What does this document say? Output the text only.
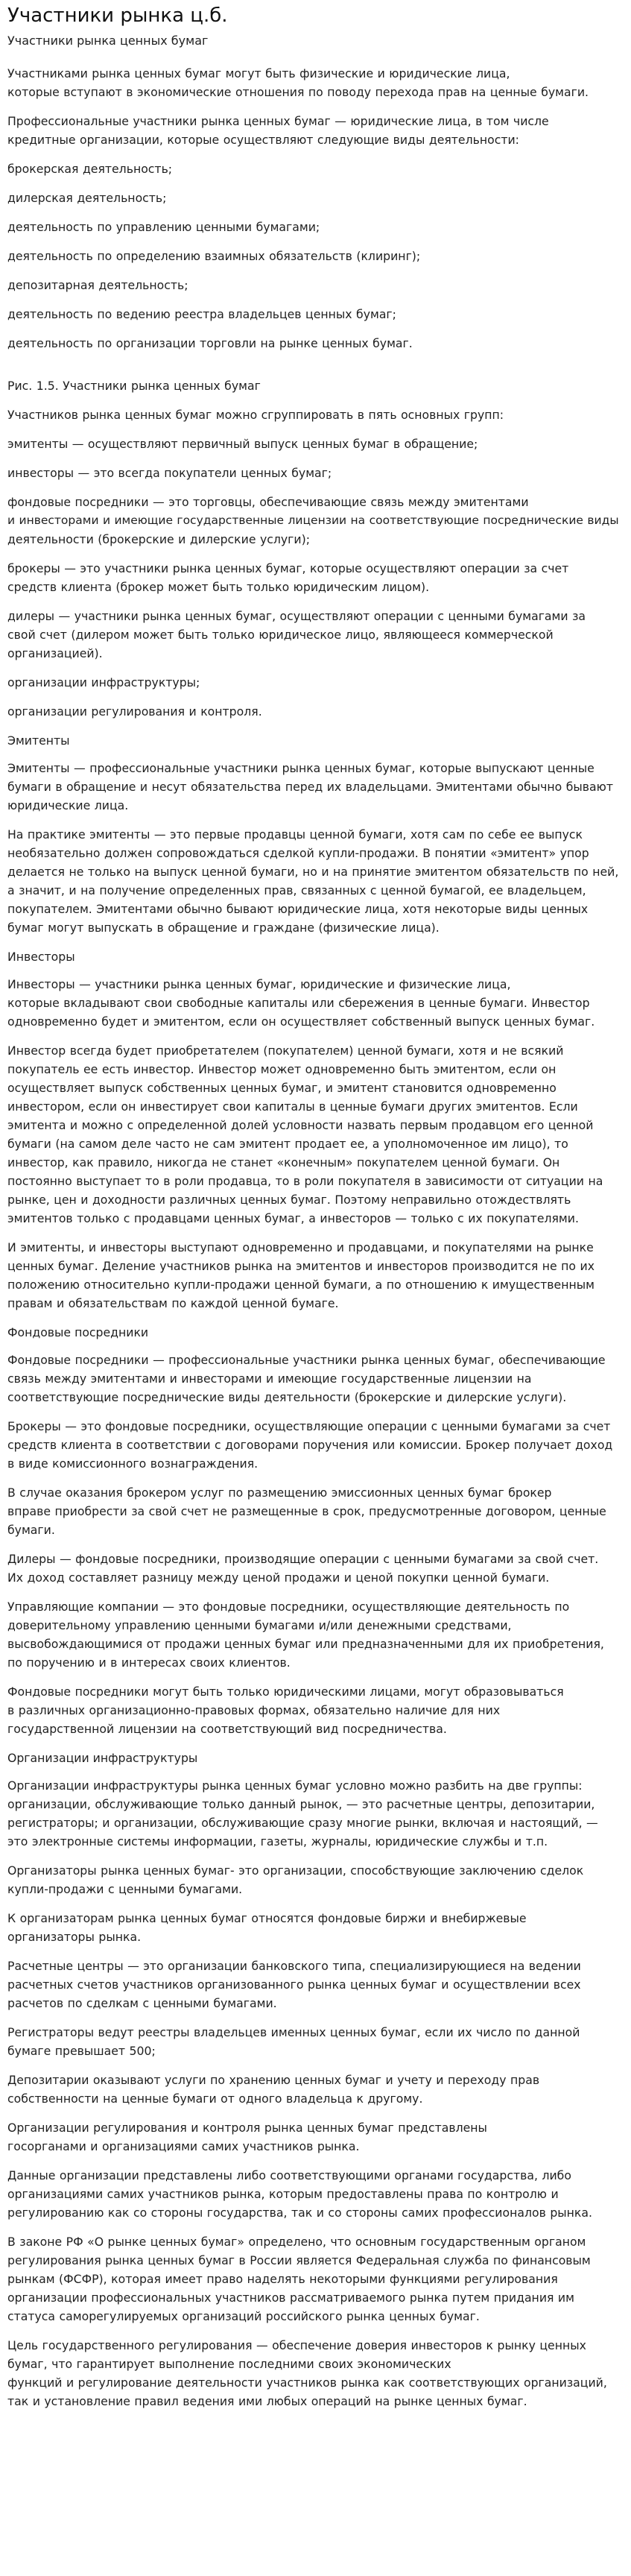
Участники рынка ц.б.
Участники рынка ценных бумаг
Участниками рынка ценных бумаг могут быть физические и юридические лица,
которые вступают в экономические отношения по поводу перехода прав на ценные бумаги.
Профессиональные участники рынка ценных бумаг — юридические лица, в том числе
кредитные организации, которые осуществляют следующие виды деятельности:
брокерская деятельность;
дилерская деятельность;
деятельность по управлению ценными бумагами;
деятельность по определению взаимных обязательств (клиринг);
депозитарная деятельность;
деятельность по ведению реестра владельцев ценных бумаг;
деятельность по организации торговли на рынке ценных бумаг.
Рис. 1.5. Участники рынка ценных бумаг
Участников рынка ценных бумаг можно сгруппировать в пять основных групп:
эмитенты — осуществляют первичный выпуск ценных бумаг в обращение;
инвесторы — это всегда покупатели ценных бумаг;
фондовые посредники — это торговцы, обеспечивающие связь между эмитентами
и инвесторами и имеющие государственные лицензии на соответствующие посреднические виды
деятельности (брокерские и дилерские услуги);
брокеры — это участники рынка ценных бумаг, которые осуществляют операции за счет
средств клиента (брокер может быть только юридическим лицом).
дилеры — участники рынка ценных бумаг, осуществляют операции с ценными бумагами за
свой счет (дилером может быть только юридическое лицо, являющееся коммерческой
организацией).
организации инфраструктуры;
организации регулирования и контроля.
Эмитенты
Эмитенты — профессиональные участники рынка ценных бумаг, которые выпускают ценные
бумаги в обращение и несут обязательства перед их владельцами. Эмитентами обычно бывают
юридические лица.
На практике эмитенты — это первые продавцы ценной бумаги, хотя сам по себе ее выпуск
необязательно должен сопровождаться сделкой купли-продажи. В понятии «эмитент» упор
делается не только на выпуск ценной бумаги, но и на принятие эмитентом обязательств по ней,
а значит, и на получение определенных прав, связанных с ценной бумагой, ее владельцем,
покупателем. Эмитентами обычно бывают юридические лица, хотя некоторые виды ценных
бумаг могут выпускать в обращение и граждане (физические лица).
Инвесторы
Инвесторы — участники рынка ценных бумаг, юридические и физические лица,
которые вкладывают свои свободные капиталы или сбережения в ценные бумаги. Инвестор
одновременно будет и эмитентом, если он осуществляет собственный выпуск ценных бумаг.
Инвестор всегда будет приобретателем (покупателем) ценной бумаги, хотя и не всякий
покупатель ее есть инвестор. Инвестор может одновременно быть эмитентом, если он
осуществляет выпуск собственных ценных бумаг, и эмитент становится одновременно
инвестором, если он инвестирует свои капиталы в ценные бумаги других эмитентов. Если
эмитента и можно с определенной долей условности назвать первым продавцом его ценной
бумаги (на самом деле часто не сам эмитент продает ее, а уполномоченное им лицо), то
инвестор, как правило, никогда не станет «конечным» покупателем ценной бумаги. Он
постоянно выступает то в роли продавца, то в роли покупателя в зависимости от ситуации на
рынке, цен и доходности различных ценных бумаг. Поэтому неправильно отождествлять
эмитентов только с продавцами ценных бумаг, а инвесторов — только с их покупателями.
И эмитенты, и инвесторы выступают одновременно и продавцами, и покупателями на рынке
ценных бумаг. Деление участников рынка на эмитентов и инвесторов производится не по их
положению относительно купли-продажи ценной бумаги, а по отношению к имущественным
правам и обязательствам по каждой ценной бумаге.
Фондовые посредники
Фондовые посредники — профессиональные участники рынка ценных бумаг, обеспечивающие
связь между эмитентами и инвесторами и имеющие государственные лицензии на
соответствующие посреднические виды деятельности (брокерские и дилерские услуги).
Брокеры — это фондовые посредники, осуществляющие операции с ценными бумагами за счет
средств клиента в соответствии с договорами поручения или комиссии. Брокер получает доход
в виде комиссионного вознаграждения.
В случае оказания брокером услуг по размещению эмиссионных ценных бумаг брокер
вправе приобрести за свой счет не размещенные в срок, предусмотренные договором, ценные
бумаги.
Дилеры — фондовые посредники, производящие операции с ценными бумагами за свой счет.
Их доход составляет разницу между ценой продажи и ценой покупки ценной бумаги.
Управляющие компании — это фондовые посредники, осуществляющие деятельность по
доверительному управлению ценными бумагами и/или денежными средствами,
высвобождающимися от продажи ценных бумаг или предназначенными для их приобретения,
по поручению и в интересах своих клиентов.
Фондовые посредники могут быть только юридическими лицами, могут образовываться
в различных организационно-правовых формах, обязательно наличие для них
государственной лицензии на соответствующий вид посредничества.
Организации инфраструктуры
Организации инфраструктуры рынка ценных бумаг условно можно разбить на две группы:
организации, обслуживающие только данный рынок, — это расчетные центры, депозитарии,
регистраторы; и организации, обслуживающие сразу многие рынки, включая и настоящий, —
это электронные системы информации, газеты, журналы, юридические службы и т.п.
Организаторы рынка ценных бумаг- это организации, способствующие заключению сделок
купли-продажи с ценными бумагами.
К организаторам рынка ценных бумаг относятся фондовые биржи и внебиржевые
организаторы рынка.
Расчетные центры — это организации банковского типа, специализирующиеся на ведении
расчетных счетов участников организованного рынка ценных бумаг и осуществлении всех
расчетов по сделкам с ценными бумагами.
Регистраторы ведут реестры владельцев именных ценных бумаг, если их число по данной
бумаге превышает 500;
Депозитарии оказывают услуги по хранению ценных бумаг и учету и переходу прав
собственности на ценные бумаги от одного владельца к другому.
Организации регулирования и контроля рынка ценных бумаг представлены
госорганами и организациями самих участников рынка.
Данные организации представлены либо соответствующими органами государства, либо
организациями самих участников рынка, которым предоставлены права по контролю и
регулированию как со стороны государства, так и со стороны самих профессионалов рынка.
В законе РФ «О рынке ценных бумаг» определено, что основным государственным органом
регулирования рынка ценных бумаг в России является Федеральная служба по финансовым
рынкам (ФСФР), которая имеет право наделять некоторыми функциями регулирования
организации профессиональных участников рассматриваемого рынка путем придания им
статуса саморегулируемых организаций российского рынка ценных бумаг.
Цель государственного регулирования — обеспечение доверия инвесторов к рынку ценных
бумаг, что гарантирует выполнение последними своих экономических
функций и регулирование деятельности участников рынка как соответствующих организаций,
так и установление правил ведения ими любых операций на рынке ценных бумаг.
